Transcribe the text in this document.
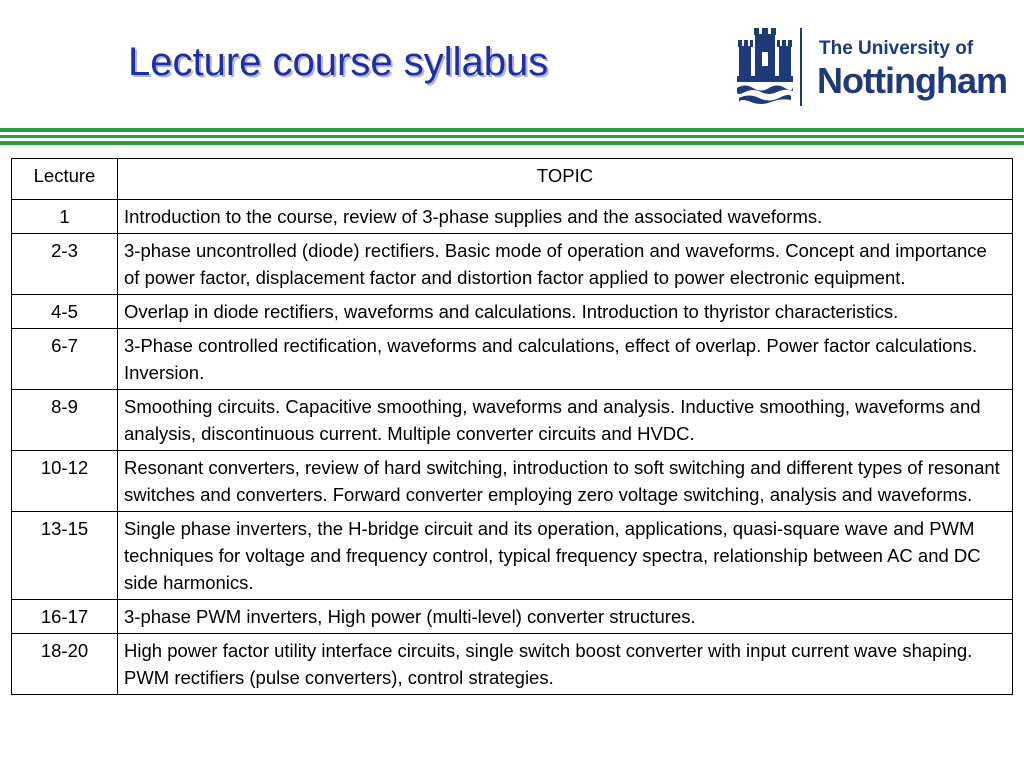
Lecture course syllabus	The University of
Nottingham
Lecture	TOPIC
1	Introduction to the course, review of 3-phase supplies and the associated waveforms.
2-3	3-phase uncontrolled (diode) rectifiers. Basic mode of operation and waveforms. Concept and importance of power factor, displacement factor and distortion factor applied to power electronic equipment.
4-5	Overlap in diode rectifiers, waveforms and calculations. Introduction to thyristor characteristics.
6-7	3-Phase controlled rectification, waveforms and calculations, effect of overlap. Power factor calculations. Inversion.
8-9	Smoothing circuits. Capacitive smoothing, waveforms and analysis. Inductive smoothing, waveforms and analysis, discontinuous current. Multiple converter circuits and HVDC.
10-12	Resonant converters, review of hard switching, introduction to soft switching and different types of resonant switches and converters. Forward converter employing zero voltage switching, analysis and waveforms.
13-15	Single phase inverters, the H-bridge circuit and its operation, applications, quasi-square wave and PWM techniques for voltage and frequency control, typical frequency spectra, relationship between AC and DC side harmonics.
16-17	3-phase PWM inverters, High power (multi-level) converter structures.
18-20	High power factor utility interface circuits, single switch boost converter with input current wave shaping. PWM rectifiers (pulse converters), control strategies.
